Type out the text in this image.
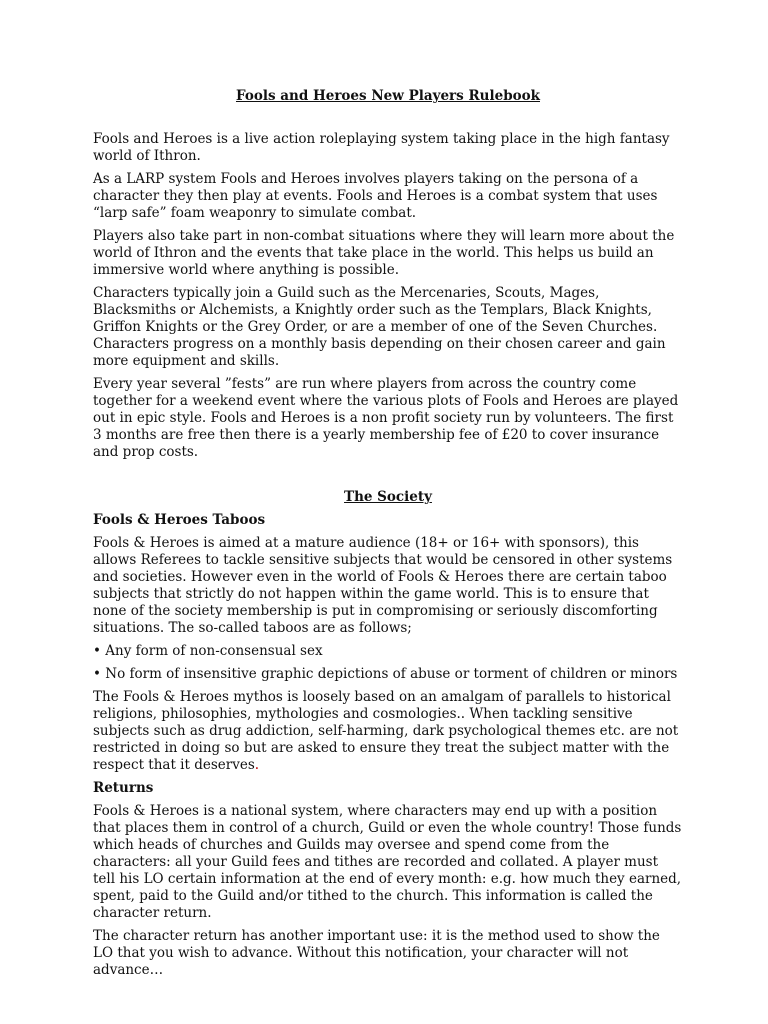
Fools and Heroes New Players Rulebook

Fools and Heroes is a live action roleplaying system taking place in the high fantasy world of Ithron.

As a LARP system Fools and Heroes involves players taking on the persona of a character they then play at events. Fools and Heroes is a combat system that uses “larp safe” foam weaponry to simulate combat.

Players also take part in non-combat situations where they will learn more about the world of Ithron and the events that take place in the world. This helps us build an immersive world where anything is possible.

Characters typically join a Guild such as the Mercenaries, Scouts, Mages, Blacksmiths or Alchemists, a Knightly order such as the Templars, Black Knights, Griffon Knights or the Grey Order, or are a member of one of the Seven Churches. Characters progress on a monthly basis depending on their chosen career and gain more equipment and skills.

Every year several ”fests” are run where players from across the country come together for a weekend event where the various plots of Fools and Heroes are played out in epic style. Fools and Heroes is a non profit society run by volunteers. The first 3 months are free then there is a yearly membership fee of £20 to cover insurance and prop costs.

The Society
Fools & Heroes Taboos

Fools & Heroes is aimed at a mature audience (18+ or 16+ with sponsors), this allows Referees to tackle sensitive subjects that would be censored in other systems and societies. However even in the world of Fools & Heroes there are certain taboo subjects that strictly do not happen within the game world. This is to ensure that none of the society membership is put in compromising or seriously discomforting situations. The so-called taboos are as follows;

• Any form of non-consensual sex

• No form of insensitive graphic depictions of abuse or torment of children or minors

The Fools & Heroes mythos is loosely based on an amalgam of parallels to historical religions, philosophies, mythologies and cosmologies.. When tackling sensitive subjects such as drug addiction, self-harming, dark psychological themes etc. are not restricted in doing so but are asked to ensure they treat the subject matter with the respect that it deserves.

Returns

Fools & Heroes is a national system, where characters may end up with a position that places them in control of a church, Guild or even the whole country! Those funds which heads of churches and Guilds may oversee and spend come from the characters: all your Guild fees and tithes are recorded and collated. A player must tell his LO certain information at the end of every month: e.g. how much they earned, spent, paid to the Guild and/or tithed to the church. This information is called the character return.

The character return has another important use: it is the method used to show the LO that you wish to advance. Without this notification, your character will not advance…
